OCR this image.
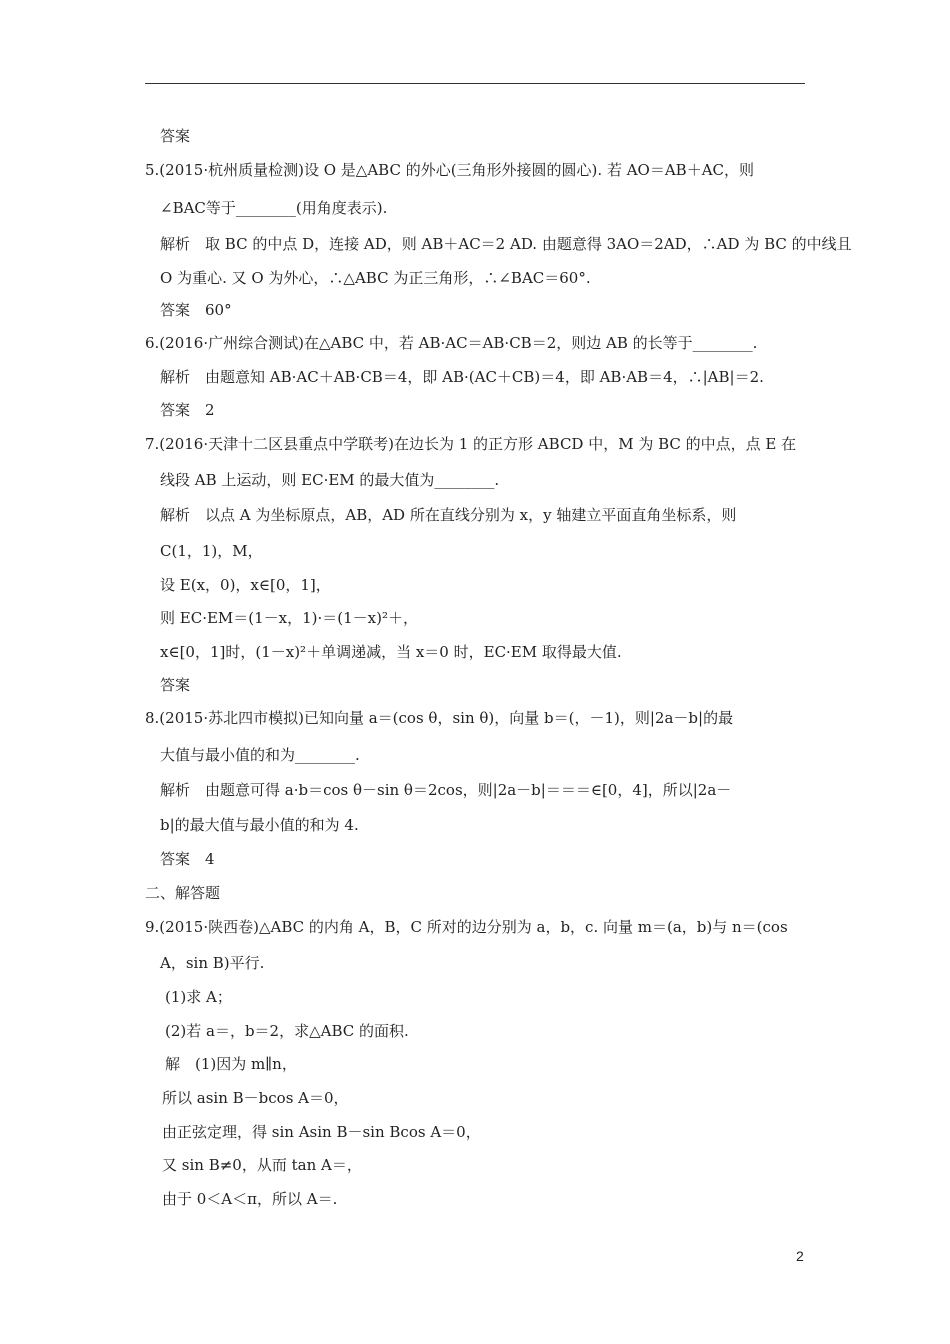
答案
5.(2015·杭州质量检测)设 O 是△ABC 的外心(三角形外接圆的圆心). 若 AO＝AB＋AC，则
∠BAC等于________(用角度表示).
解析　取 BC 的中点 D，连接 AD，则 AB＋AC＝2 AD. 由题意得 3AO＝2AD，∴AD 为 BC 的中线且
O 为重心. 又 O 为外心，∴△ABC 为正三角形，∴∠BAC＝60°.
答案　60°
6.(2016·广州综合测试)在△ABC 中，若 AB·AC＝AB·CB＝2，则边 AB 的长等于________.
解析　由题意知 AB·AC＋AB·CB＝4，即 AB·(AC＋CB)＝4，即 AB·AB＝4，∴|AB|＝2.
答案　2
7.(2016·天津十二区县重点中学联考)在边长为 1 的正方形 ABCD 中，M 为 BC 的中点，点 E 在
线段 AB 上运动，则 EC·EM 的最大值为________.
解析　以点 A 为坐标原点，AB，AD 所在直线分别为 x，y 轴建立平面直角坐标系，则
C(1，1)，M，
设 E(x，0)，x∈[0，1]，
则 EC·EM＝(1－x，1)·＝(1－x)²＋，
x∈[0，1]时，(1－x)²＋单调递减，当 x＝0 时，EC·EM 取得最大值.
答案
8.(2015·苏北四市模拟)已知向量 a＝(cos θ，sin θ)，向量 b＝(，－1)，则|2a－b|的最
大值与最小值的和为________.
解析　由题意可得 a·b＝cos θ－sin θ＝2cos，则|2a－b|＝＝＝∈[0，4]，所以|2a－
b|的最大值与最小值的和为 4.
答案　4
二、解答题
9.(2015·陕西卷)△ABC 的内角 A，B，C 所对的边分别为 a，b，c. 向量 m＝(a，b)与 n＝(cos
A，sin B)平行.
(1)求 A；
(2)若 a＝，b＝2，求△ABC 的面积.
解　(1)因为 m∥n，
所以 asin B－bcos A＝0，
由正弦定理，得 sin Asin B－sin Bcos A＝0，
又 sin B≠0，从而 tan A＝，
由于 0＜A＜π，所以 A＝.
2
